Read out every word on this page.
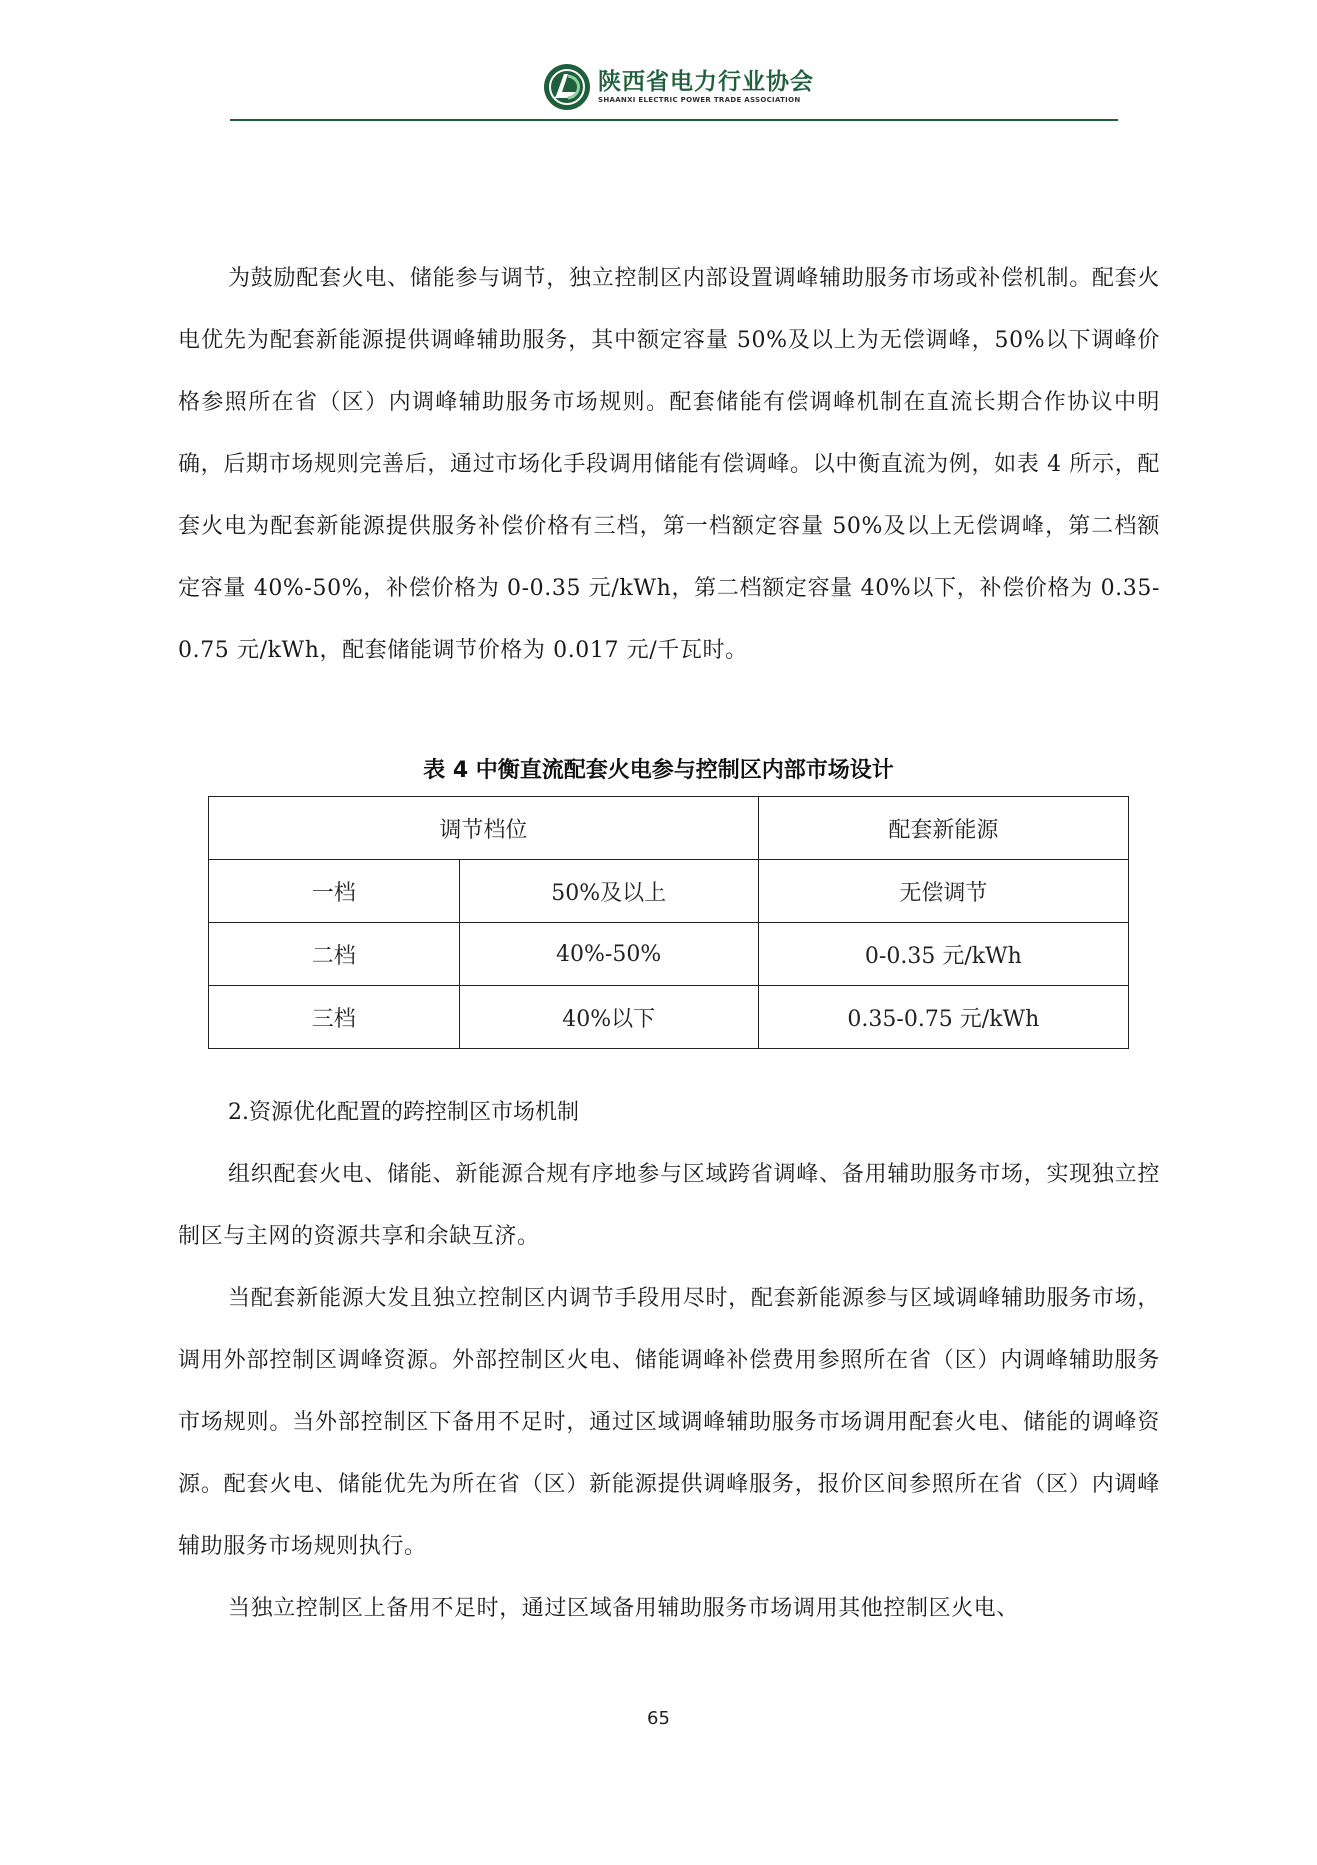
陕西省电力行业协会
SHAANXI ELECTRIC POWER TRADE ASSOCIATION

为鼓励配套火电、储能参与调节，独立控制区内部设置调峰辅助服务市场或补偿机制。配套火电优先为配套新能源提供调峰辅助服务，其中额定容量 50%及以上为无偿调峰，50%以下调峰价格参照所在省（区）内调峰辅助服务市场规则。配套储能有偿调峰机制在直流长期合作协议中明确，后期市场规则完善后，通过市场化手段调用储能有偿调峰。以中衡直流为例，如表 4 所示，配套火电为配套新能源提供服务补偿价格有三档，第一档额定容量 50%及以上无偿调峰，第二档额定容量 40%-50%，补偿价格为 0-0.35 元/kWh，第二档额定容量 40%以下，补偿价格为 0.35-0.75 元/kWh，配套储能调节价格为 0.017 元/千瓦时。

表 4 中衡直流配套火电参与控制区内部市场设计
调节档位		配套新能源
一档	50%及以上	无偿调节
二档	40%-50%	0-0.35 元/kWh
三档	40%以下	0.35-0.75 元/kWh

2.资源优化配置的跨控制区市场机制

组织配套火电、储能、新能源合规有序地参与区域跨省调峰、备用辅助服务市场，实现独立控制区与主网的资源共享和余缺互济。

当配套新能源大发且独立控制区内调节手段用尽时，配套新能源参与区域调峰辅助服务市场，调用外部控制区调峰资源。外部控制区火电、储能调峰补偿费用参照所在省（区）内调峰辅助服务市场规则。当外部控制区下备用不足时，通过区域调峰辅助服务市场调用配套火电、储能的调峰资源。配套火电、储能优先为所在省（区）新能源提供调峰服务，报价区间参照所在省（区）内调峰辅助服务市场规则执行。

当独立控制区上备用不足时，通过区域备用辅助服务市场调用其他控制区火电、

65
